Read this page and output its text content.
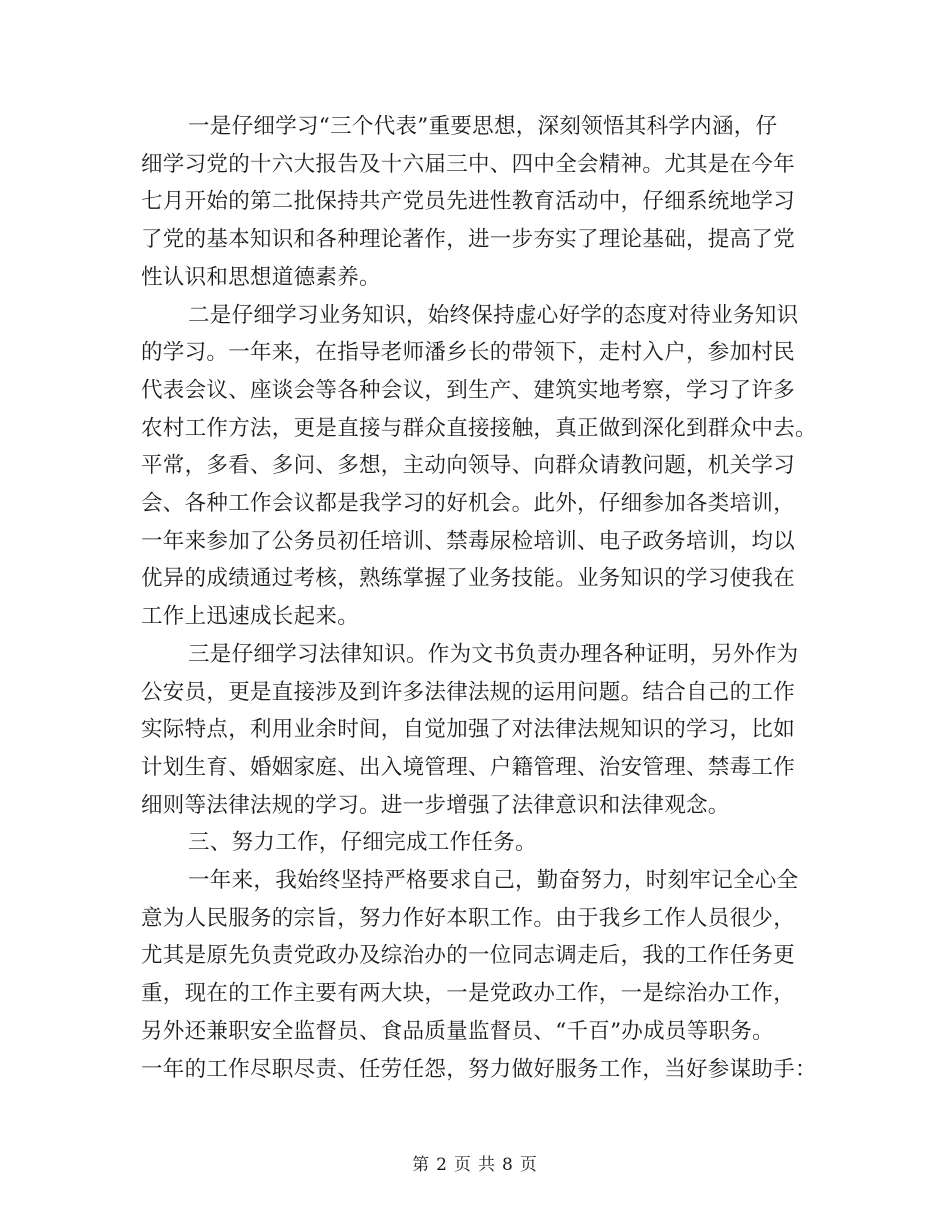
一是仔细学习“三个代表”重要思想，深刻领悟其科学内涵，仔
细学习党的十六大报告及十六届三中、四中全会精神。尤其是在今年
七月开始的第二批保持共产党员先进性教育活动中，仔细系统地学习
了党的基本知识和各种理论著作，进一步夯实了理论基础，提高了党
性认识和思想道德素养。

二是仔细学习业务知识，始终保持虚心好学的态度对待业务知识
的学习。一年来，在指导老师潘乡长的带领下，走村入户，参加村民
代表会议、座谈会等各种会议，到生产、建筑实地考察，学习了许多
农村工作方法，更是直接与群众直接接触，真正做到深化到群众中去。
平常，多看、多问、多想，主动向领导、向群众请教问题，机关学习
会、各种工作会议都是我学习的好机会。此外，仔细参加各类培训，
一年来参加了公务员初任培训、禁毒尿检培训、电子政务培训，均以
优异的成绩通过考核，熟练掌握了业务技能。业务知识的学习使我在
工作上迅速成长起来。

三是仔细学习法律知识。作为文书负责办理各种证明，另外作为
公安员，更是直接涉及到许多法律法规的运用问题。结合自己的工作
实际特点，利用业余时间，自觉加强了对法律法规知识的学习，比如
计划生育、婚姻家庭、出入境管理、户籍管理、治安管理、禁毒工作
细则等法律法规的学习。进一步增强了法律意识和法律观念。

三、努力工作，仔细完成工作任务。

一年来，我始终坚持严格要求自己，勤奋努力，时刻牢记全心全
意为人民服务的宗旨，努力作好本职工作。由于我乡工作人员很少，
尤其是原先负责党政办及综治办的一位同志调走后，我的工作任务更
重，现在的工作主要有两大块，一是党政办工作，一是综治办工作，
另外还兼职安全监督员、食品质量监督员、“千百”办成员等职务。
一年的工作尽职尽责、任劳任怨，努力做好服务工作，当好参谋助手：

第 2 页 共 8 页
